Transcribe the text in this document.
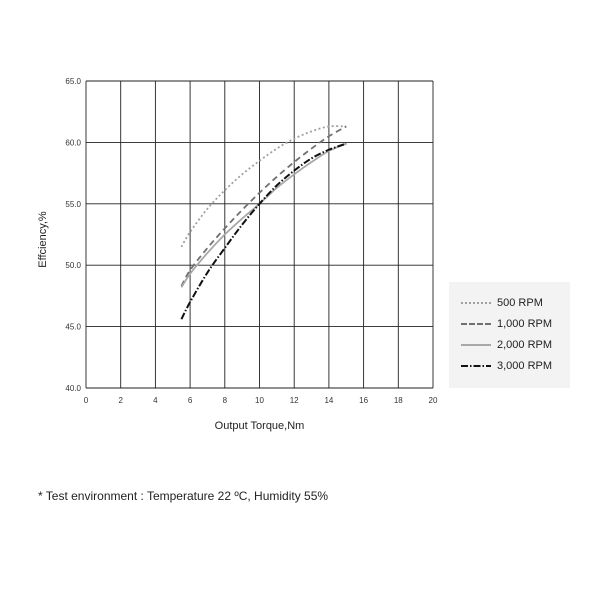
0	2	4	6	8	10	12	14	16	18	20
40.0
45.0
50.0
55.0
60.0
65.0
Output Torque,Nm
Effciency,%
500 RPM
1,000 RPM
2,000 RPM
3,000 RPM
* Test environment : Temperature 22 ºC, Humidity 55%
